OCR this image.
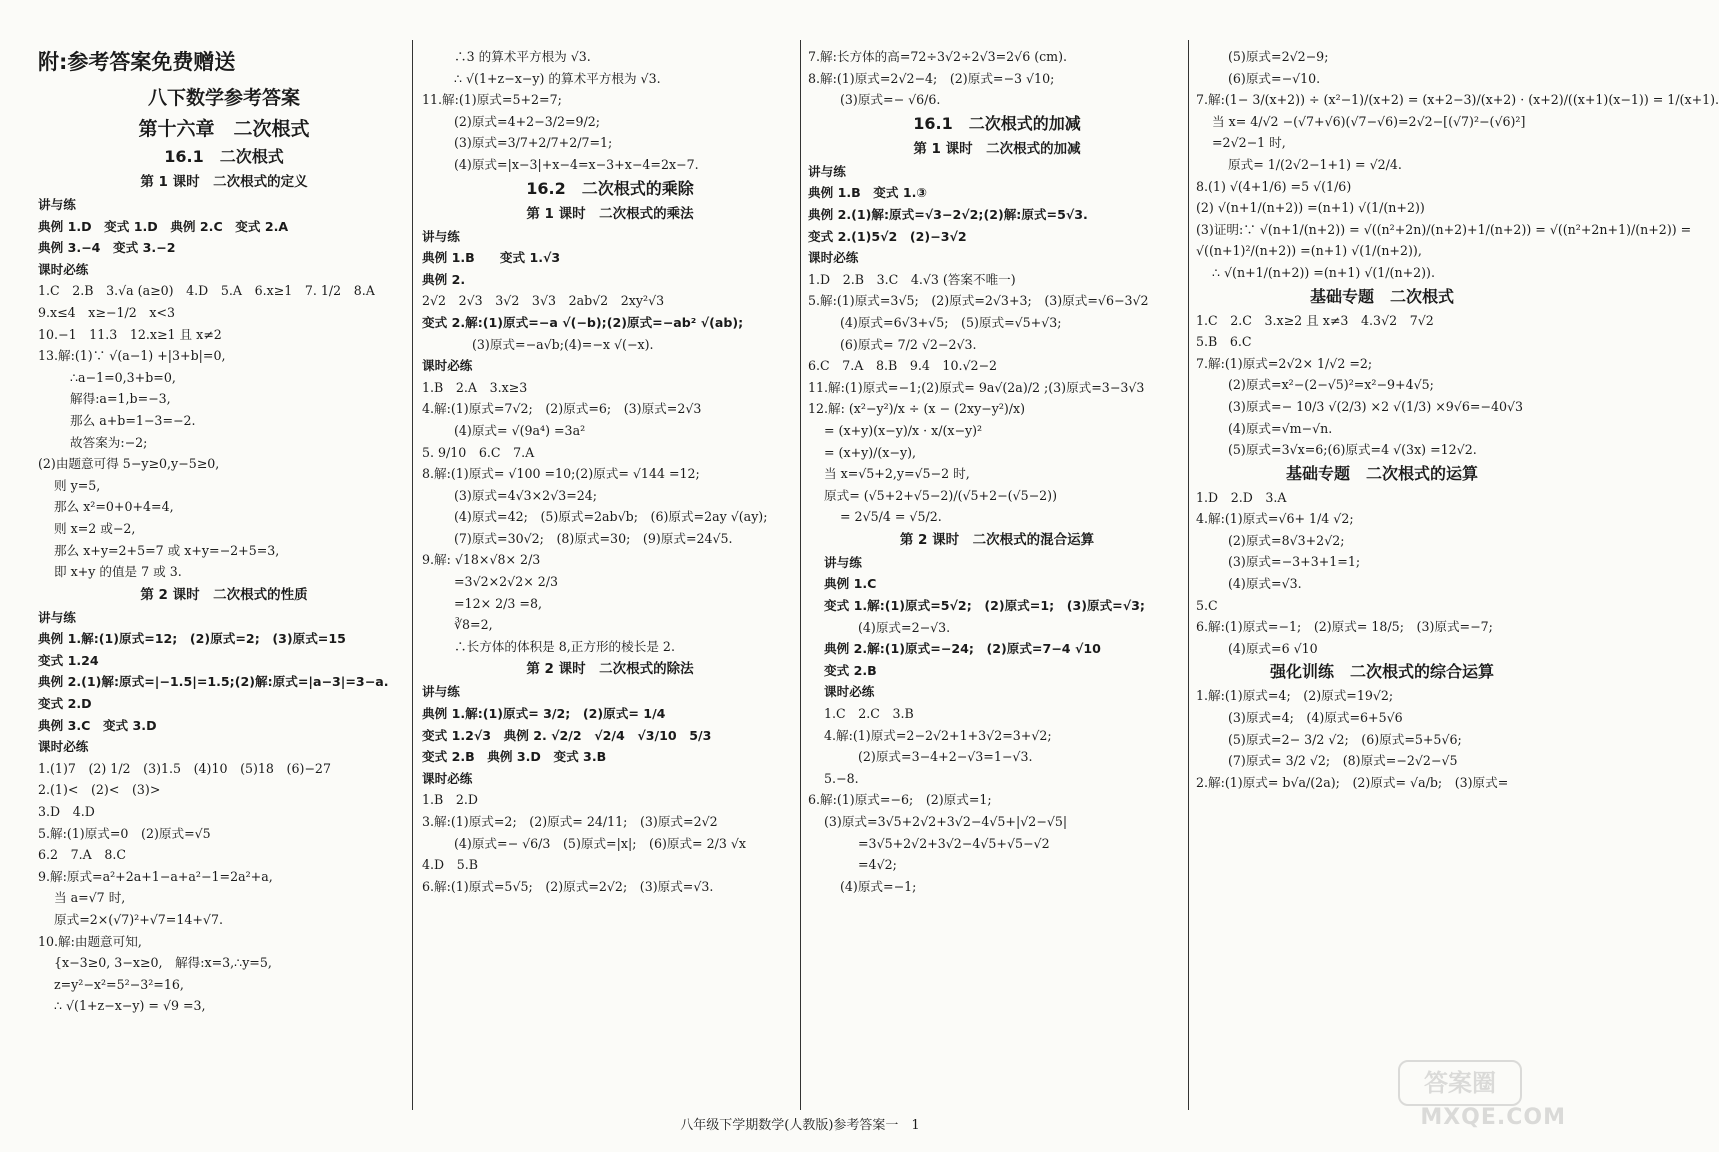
附:参考答案免费赠送
八下数学参考答案
第十六章　二次根式
16.1　二次根式
第 1 课时　二次根式的定义
讲与练
典例 1.D　变式 1.D　典例 2.C　变式 2.A
典例 3.−4　变式 3.−2
课时必练
1.C　2.B　3.√a (a≥0)　4.D　5.A　6.x≥1　7. 1/2　8.A
9.x≤4　x≥−1/2　x<3
10.−1　11.3　12.x≥1 且 x≠2
13.解:(1)∵ √(a−1) +|3+b|=0,
∴a−1=0,3+b=0,
解得:a=1,b=−3,
那么 a+b=1−3=−2.
故答案为:−2;
(2)由题意可得 5−y≥0,y−5≥0,
则 y=5,
那么 x²=0+0+4=4,
则 x=2 或−2,
那么 x+y=2+5=7 或 x+y=−2+5=3,
即 x+y 的值是 7 或 3.
第 2 课时　二次根式的性质
讲与练
典例 1.解:(1)原式=12;　(2)原式=2;　(3)原式=15
变式 1.24
典例 2.(1)解:原式=|−1.5|=1.5;(2)解:原式=|a−3|=3−a.
变式 2.D
典例 3.C　变式 3.D
课时必练
1.(1)7　(2) 1/2　(3)1.5　(4)10　(5)18　(6)−27
2.(1)<　(2)<　(3)>
3.D　4.D
5.解:(1)原式=0　(2)原式=√5
6.2　7.A　8.C
9.解:原式=a²+2a+1−a+a²−1=2a²+a,
当 a=√7 时,
原式=2×(√7)²+√7=14+√7.
10.解:由题意可知,
{x−3≥0, 3−x≥0,　解得:x=3,∴y=5,
z=y²−x²=5²−3²=16,
∴ √(1+z−x−y) = √9 =3,
∴3 的算术平方根为 √3.
∴ √(1+z−x−y) 的算术平方根为 √3.
11.解:(1)原式=5+2=7;
(2)原式=4+2−3/2=9/2;
(3)原式=3/7+2/7+2/7=1;
(4)原式=|x−3|+x−4=x−3+x−4=2x−7.
16.2　二次根式的乘除
第 1 课时　二次根式的乘法
讲与练
典例 1.B　　变式 1.√3
典例 2.
2√2　2√3　3√2　3√3　2ab√2　2xy²√3
变式 2.解:(1)原式=−a √(−b);(2)原式=−ab² √(ab);
(3)原式=−a√b;(4)=−x √(−x).
课时必练
1.B　2.A　3.x≥3
4.解:(1)原式=7√2;　(2)原式=6;　(3)原式=2√3
(4)原式= √(9a⁴) =3a²
5. 9/10　6.C　7.A
8.解:(1)原式= √100 =10;(2)原式= √144 =12;
(3)原式=4√3×2√3=24;
(4)原式=42;　(5)原式=2ab√b;　(6)原式=2ay √(ay);
(7)原式=30√2;　(8)原式=30;　(9)原式=24√5.
9.解: √18×√8× 2/3
=3√2×2√2× 2/3
=12× 2/3 =8,
∛8=2,
∴长方体的体积是 8,正方形的棱长是 2.
第 2 课时　二次根式的除法
讲与练
典例 1.解:(1)原式= 3/2;　(2)原式= 1/4
变式 1.2√3　典例 2. √2/2　√2/4　√3/10　5/3
变式 2.B　典例 3.D　变式 3.B
课时必练
1.B　2.D
3.解:(1)原式=2;　(2)原式= 24/11;　(3)原式=2√2
(4)原式=− √6/3　(5)原式=|x|;　(6)原式= 2/3 √x
4.D　5.B
6.解:(1)原式=5√5;　(2)原式=2√2;　(3)原式=√3.
7.解:长方体的高=72÷3√2÷2√3=2√6 (cm).
8.解:(1)原式=2√2−4;　(2)原式=−3 √10;
(3)原式=− √6/6.
16.1　二次根式的加减
第 1 课时　二次根式的加减
讲与练
典例 1.B　变式 1.③
典例 2.(1)解:原式=√3−2√2;(2)解:原式=5√3.
变式 2.(1)5√2　(2)−3√2
课时必练
1.D　2.B　3.C　4.√3 (答案不唯一)
5.解:(1)原式=3√5;　(2)原式=2√3+3;　(3)原式=√6−3√2
(4)原式=6√3+√5;　(5)原式=√5+√3;
(6)原式= 7/2 √2−2√3.
6.C　7.A　8.B　9.4　10.√2−2
11.解:(1)原式=−1;(2)原式= 9a√(2a)/2 ;(3)原式=3−3√3
12.解: (x²−y²)/x ÷ (x − (2xy−y²)/x)
= (x+y)(x−y)/x · x/(x−y)²
= (x+y)/(x−y),
当 x=√5+2,y=√5−2 时,
原式= (√5+2+√5−2)/(√5+2−(√5−2))
= 2√5/4 = √5/2.
第 2 课时　二次根式的混合运算
讲与练
典例 1.C
变式 1.解:(1)原式=5√2;　(2)原式=1;　(3)原式=√3;
(4)原式=2−√3.
典例 2.解:(1)原式=−24;　(2)原式=7−4 √10
变式 2.B
课时必练
1.C　2.C　3.B
4.解:(1)原式=2−2√2+1+3√2=3+√2;
(2)原式=3−4+2−√3=1−√3.
5.−8.
6.解:(1)原式=−6;　(2)原式=1;
(3)原式=3√5+2√2+3√2−4√5+|√2−√5|
=3√5+2√2+3√2−4√5+√5−√2
=4√2;
(4)原式=−1;
(5)原式=2√2−9;
(6)原式=−√10.
7.解:(1− 3/(x+2)) ÷ (x²−1)/(x+2) = (x+2−3)/(x+2) · (x+2)/((x+1)(x−1)) = 1/(x+1).
当 x= 4/√2 −(√7+√6)(√7−√6)=2√2−[(√7)²−(√6)²]
=2√2−1 时,
原式= 1/(2√2−1+1) = √2/4.
8.(1) √(4+1/6) =5 √(1/6)
(2) √(n+1/(n+2)) =(n+1) √(1/(n+2))
(3)证明:∵ √(n+1/(n+2)) = √((n²+2n)/(n+2)+1/(n+2)) = √((n²+2n+1)/(n+2)) =
√((n+1)²/(n+2)) =(n+1) √(1/(n+2)),
∴ √(n+1/(n+2)) =(n+1) √(1/(n+2)).
基础专题　二次根式
1.C　2.C　3.x≥2 且 x≠3　4.3√2　7√2
5.B　6.C
7.解:(1)原式=2√2× 1/√2 =2;
(2)原式=x²−(2−√5)²=x²−9+4√5;
(3)原式=− 10/3 √(2/3) ×2 √(1/3) ×9√6=−40√3
(4)原式=√m−√n.
(5)原式=3√x=6;(6)原式=4 √(3x) =12√2.
基础专题　二次根式的运算
1.D　2.D　3.A
4.解:(1)原式=√6+ 1/4 √2;
(2)原式=8√3+2√2;
(3)原式=−3+3+1=1;
(4)原式=√3.
5.C
6.解:(1)原式=−1;　(2)原式= 18/5;　(3)原式=−7;
(4)原式=6 √10
强化训练　二次根式的综合运算
1.解:(1)原式=4;　(2)原式=19√2;
(3)原式=4;　(4)原式=6+5√6
(5)原式=2− 3/2 √2;　(6)原式=5+5√6;
(7)原式= 3/2 √2;　(8)原式=−2√2−√5
2.解:(1)原式= b√a/(2a);　(2)原式= √a/b;　(3)原式=
八年级下学期数学(人教版)参考答案一　1
答案圈
MXQE.COM
